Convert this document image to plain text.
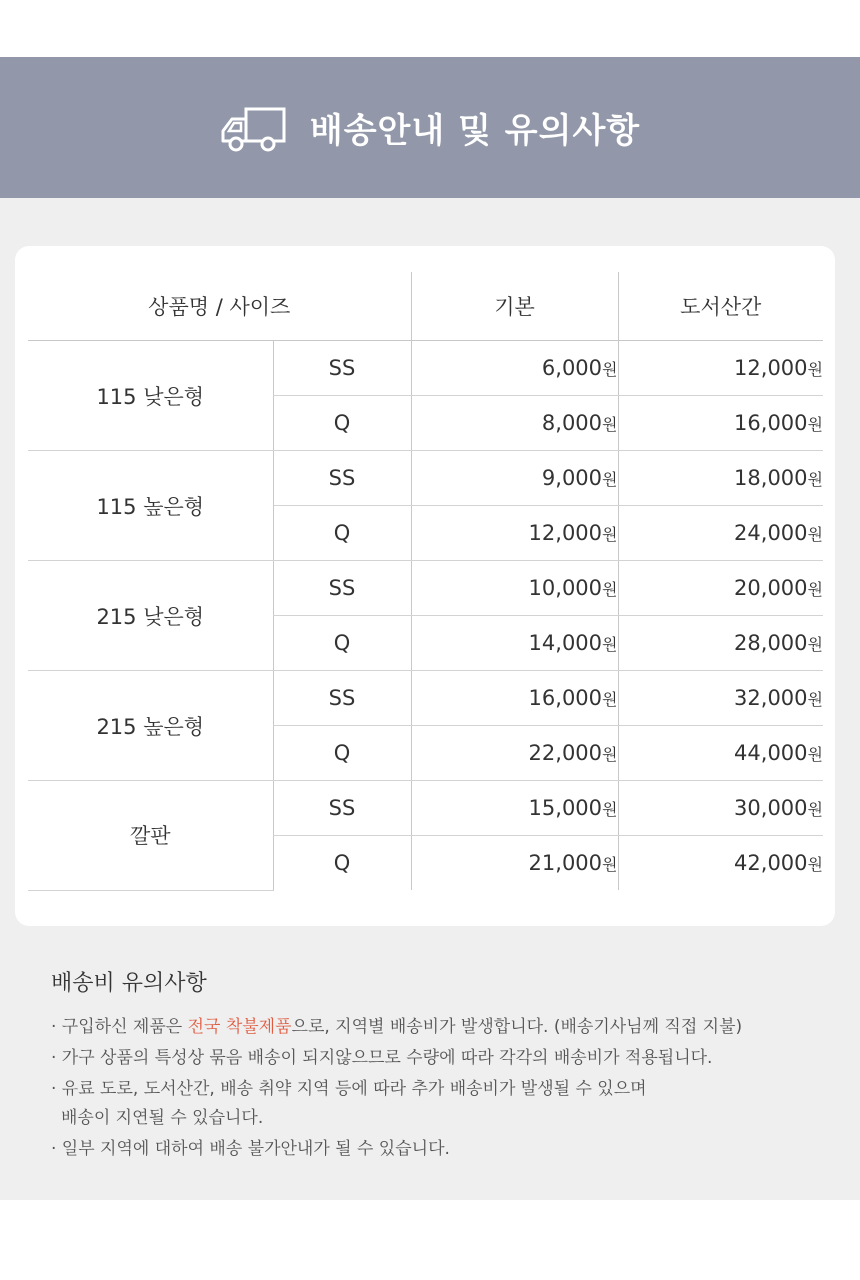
배송안내 및 유의사항
상품명 / 사이즈		기본	도서산간
115 낮은형	SS	6,000원	12,000원
	Q	8,000원	16,000원
115 높은형	SS	9,000원	18,000원
	Q	12,000원	24,000원
215 낮은형	SS	10,000원	20,000원
	Q	14,000원	28,000원
215 높은형	SS	16,000원	32,000원
	Q	22,000원	44,000원
깔판	SS	15,000원	30,000원
	Q	21,000원	42,000원
배송비 유의사항
· 구입하신 제품은 전국 착불제품으로, 지역별 배송비가 발생합니다. (배송기사님께 직접 지불)
· 가구 상품의 특성상 묶음 배송이 되지않으므로 수량에 따라 각각의 배송비가 적용됩니다.
· 유료 도로, 도서산간, 배송 취약 지역 등에 따라 추가 배송비가 발생될 수 있으며
배송이 지연될 수 있습니다.
· 일부 지역에 대하여 배송 불가안내가 될 수 있습니다.
